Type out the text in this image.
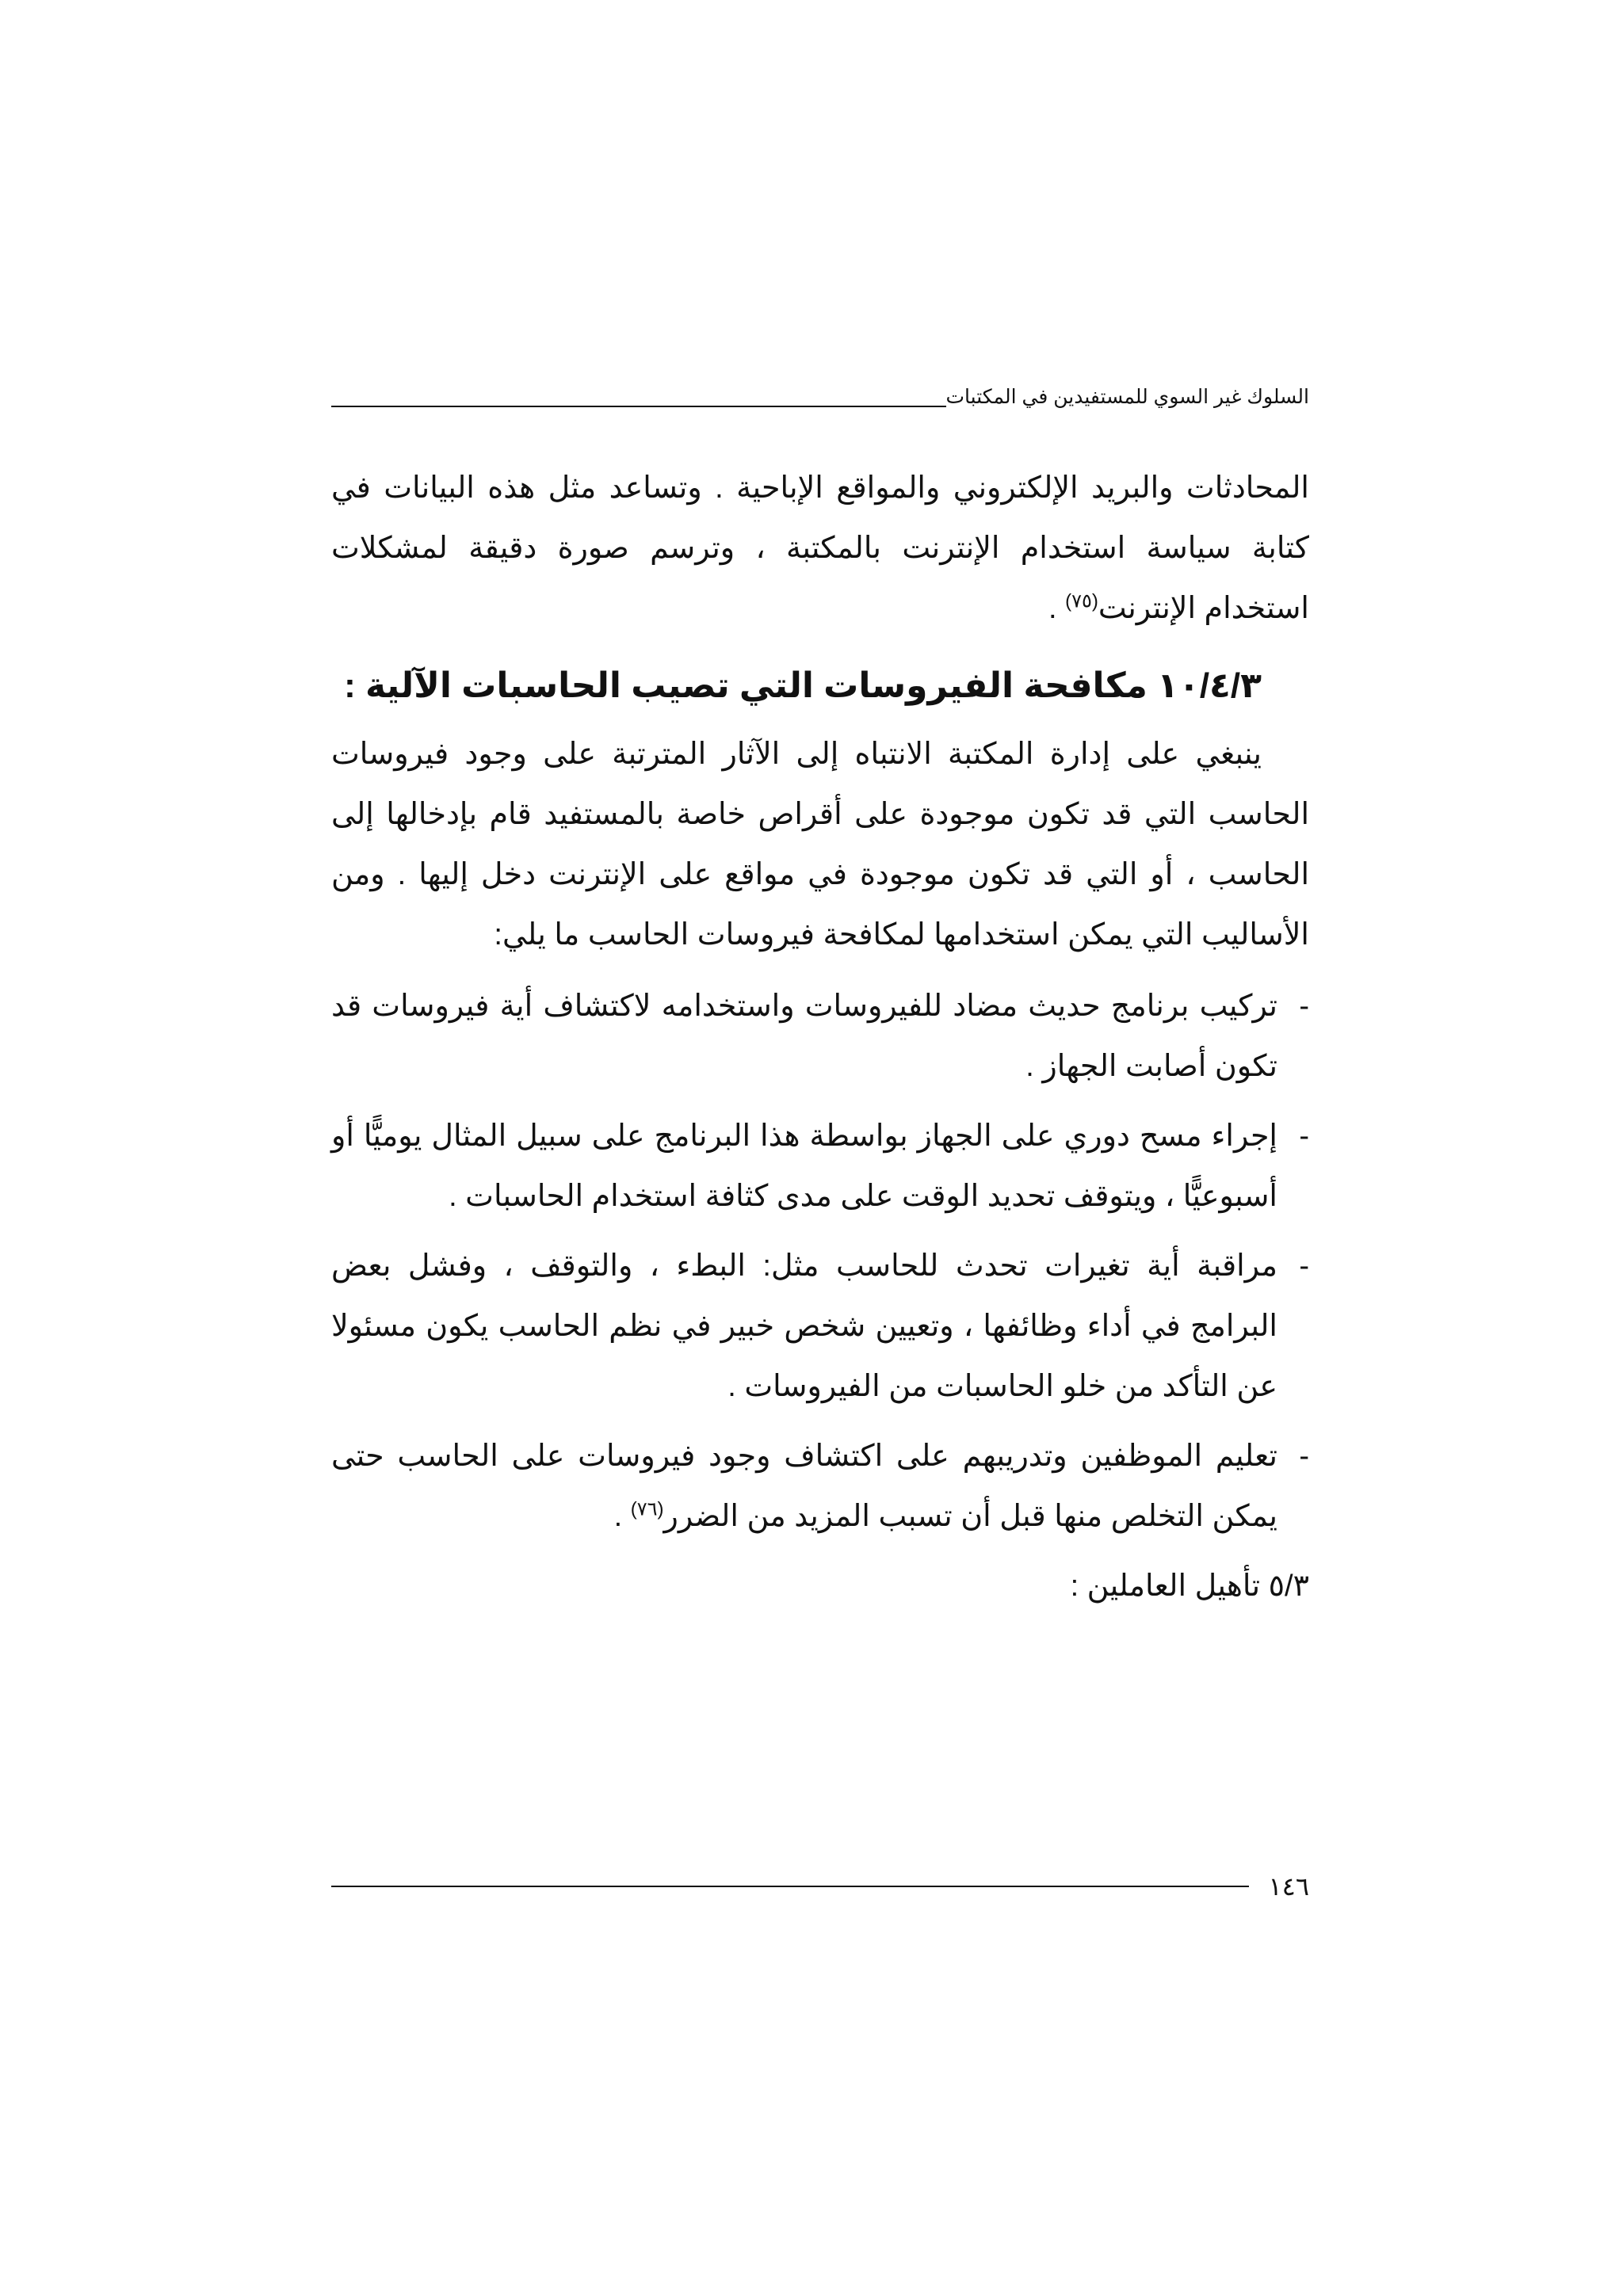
السلوك غير السوي للمستفيدين في المكتبات

المحادثات والبريد الإلكتروني والمواقع الإباحية . وتساعد مثل هذه البيانات في كتابة سياسة استخدام الإنترنت بالمكتبة ، وترسم صورة دقيقة لمشكلات استخدام الإنترنت$^{(٧٥)}$ .

١٠/٤/٣ مكافحة الفيروسات التي تصيب الحاسبات الآلية :

ينبغي على إدارة المكتبة الانتباه إلى الآثار المترتبة على وجود فيروسات الحاسب التي قد تكون موجودة على أقراص خاصة بالمستفيد قام بإدخالها إلى الحاسب ، أو التي قد تكون موجودة في مواقع على الإنترنت دخل إليها . ومن الأساليب التي يمكن استخدامها لمكافحة فيروسات الحاسب ما يلي:

-
تركيب برنامج حديث مضاد للفيروسات واستخدامه لاكتشاف أية فيروسات قد تكون أصابت الجهاز .
-
إجراء مسح دوري على الجهاز بواسطة هذا البرنامج على سبيل المثال يوميًّا أو أسبوعيًّا ، ويتوقف تحديد الوقت على مدى كثافة استخدام الحاسبات .
-
مراقبة أية تغيرات تحدث للحاسب مثل: البطء ، والتوقف ، وفشل بعض البرامج في أداء وظائفها ، وتعيين شخص خبير في نظم الحاسب يكون مسئولا عن التأكد من خلو الحاسبات من الفيروسات .
-
تعليم الموظفين وتدريبهم على اكتشاف وجود فيروسات على الحاسب حتى يمكن التخلص منها قبل أن تسبب المزيد من الضرر$^{(٧٦)}$ .

٥/٣ تأهيل العاملين :

١٤٦
